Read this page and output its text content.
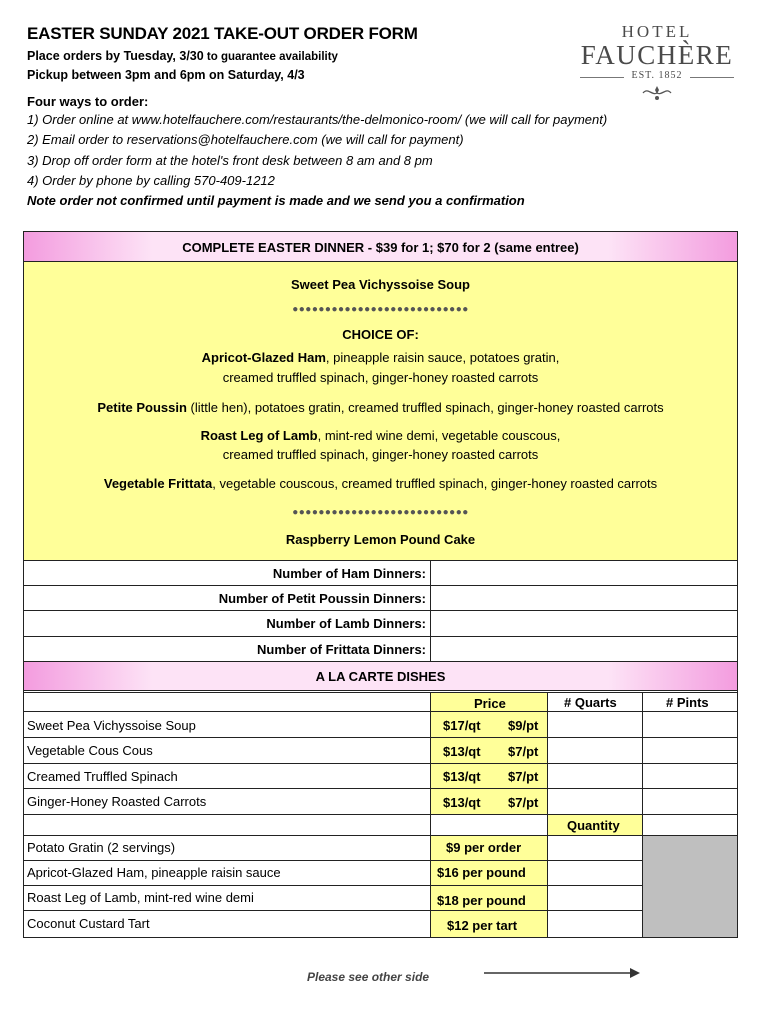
EASTER SUNDAY 2021 TAKE-OUT ORDER FORM
Place orders by Tuesday, 3/30 to guarantee availability
Pickup between 3pm and 6pm on Saturday, 4/3
Four ways to order:
1) Order online at www.hotelfauchere.com/restaurants/the-delmonico-room/ (we will call for payment)
2) Email order to reservations@hotelfauchere.com (we will call for payment)
3) Drop off order form at the hotel's front desk between 8 am and 8 pm
4) Order by phone by calling 570-409-1212
Note order not confirmed until payment is made and we send you a confirmation
HOTEL
FAUCHÈRE
EST. 1852
COMPLETE EASTER DINNER - $39 for 1; $70 for 2 (same entree)
Sweet Pea Vichyssoise Soup
●●●●●●●●●●●●●●●●●●●●●●●●●●●
CHOICE OF:
Apricot-Glazed Ham, pineapple raisin sauce, potatoes gratin,
creamed truffled spinach, ginger-honey roasted carrots
Petite Poussin (little hen), potatoes gratin, creamed truffled spinach, ginger-honey roasted carrots
Roast Leg of Lamb, mint-red wine demi, vegetable couscous,
creamed truffled spinach, ginger-honey roasted carrots
Vegetable Frittata, vegetable couscous, creamed truffled spinach, ginger-honey roasted carrots
●●●●●●●●●●●●●●●●●●●●●●●●●●●
Raspberry Lemon Pound Cake
Number of Ham Dinners:
Number of Petit Poussin Dinners:
Number of Lamb Dinners:
Number of Frittata Dinners:
A LA CARTE DISHES
Price	# Quarts	# Pints
Quantity
Sweet Pea Vichyssoise Soup	$17/qt $9/pt
Vegetable Cous Cous	$13/qt $7/pt
Creamed Truffled Spinach	$13/qt $7/pt
Ginger-Honey Roasted Carrots	$13/qt $7/pt
Potato Gratin (2 servings)	$9 per order
Apricot-Glazed Ham, pineapple raisin sauce	$16 per pound
Roast Leg of Lamb, mint-red wine demi	$18 per pound
Coconut Custard Tart	$12 per tart
Please see other side
